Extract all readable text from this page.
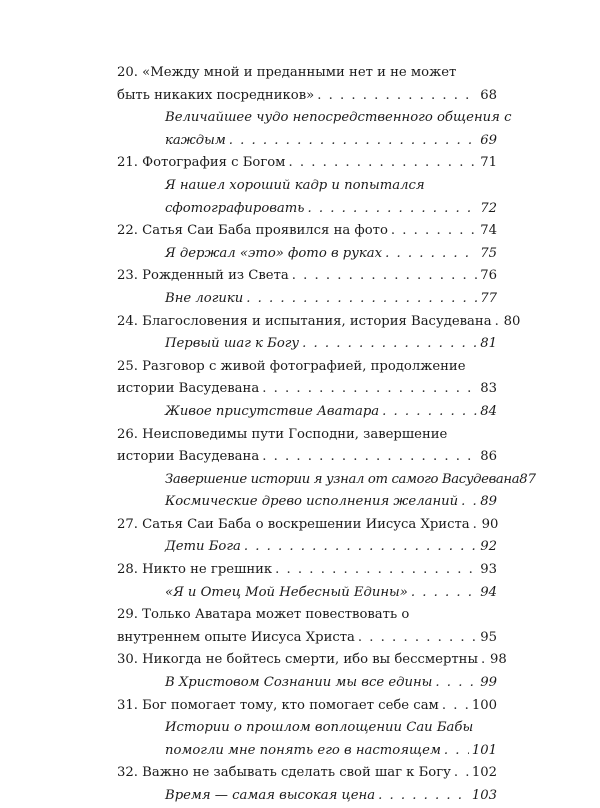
20. «Между мной и преданными нет и не может
быть никаких посредников» . . .	68
Величайшее чудо непосредственного общения с
каждым . . .	69
21. Фотография с Богом . . .	71
Я нашел хороший кадр и попытался
сфотографировать . . .	72
22. Сатья Саи Баба проявился на фото . . .	74
Я держал «это» фото в руках . . .	75
23. Рожденный из Света . . .	76
Вне логики . . .	77
24. Благословения и испытания, история Васудевана . . . 80
Первый шаг к Богу . . .	81
25. Разговор с живой фотографией, продолжение
истории Васудевана . . .	83
Живое присутствие Аватара . . .	84
26. Неисповедимы пути Господни, завершение
истории Васудевана . . .	86
Завершение истории я узнал от самого Васудевана 87
Космические древо исполнения желаний . . . 89
27. Сатья Саи Баба о воскрешении Иисуса Христа . . . 90
Дети Бога . . .	92
28. Никто не грешник . . .	93
«Я и Отец Мой Небесный Едины» . . .	94
29. Только Аватара может повествовать о
внутреннем опыте Иисуса Христа . . .	95
30. Никогда не бойтесь смерти, ибо вы бессмертны . . . 98
В Христовом Сознании мы все едины . . .	99
31. Бог помогает тому, кто помогает себе сам . . .	100
Истории о прошлом воплощении Саи Бабы
помогли мне понять его в настоящем . . . 101
32. Важно не забывать сделать свой шаг к Богу . . . 102
Время — самая высокая цена . . .	103
